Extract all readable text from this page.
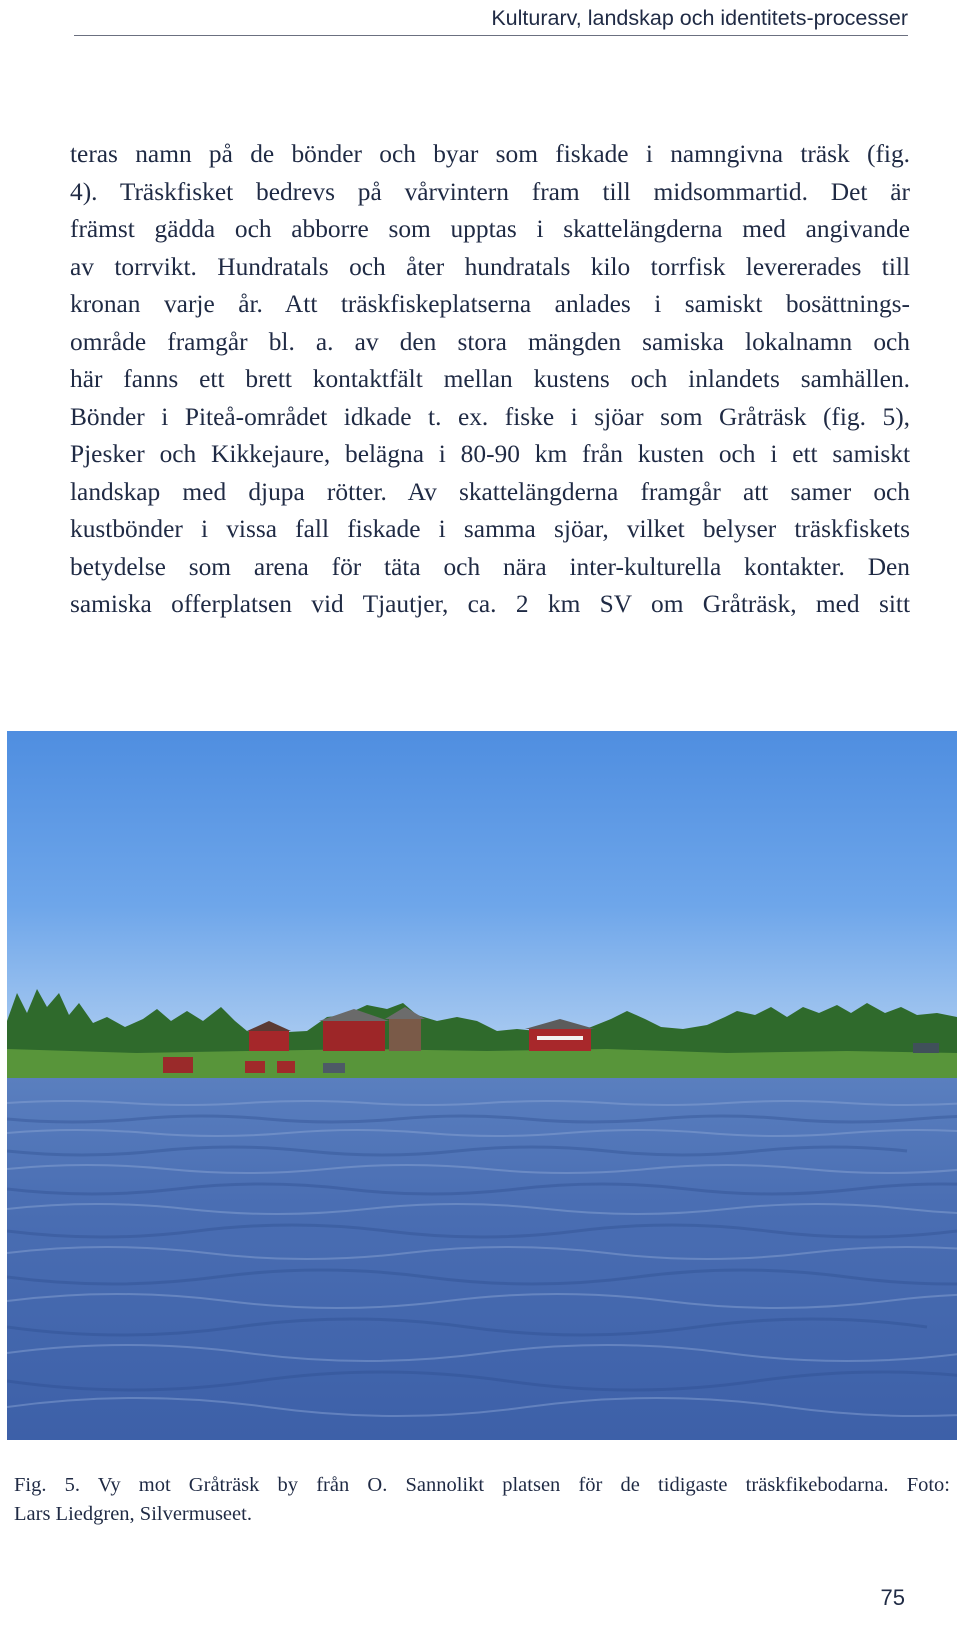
Kulturarv, landskap och identitets-processer
teras namn på de bönder och byar som fiskade i namngivna träsk (fig.
4). Träskfisket bedrevs på vårvintern fram till midsommartid. Det är
främst gädda och abborre som upptas i skattelängderna med angivande
av torrvikt. Hundratals och åter hundratals kilo torrfisk levererades till
kronan varje år. Att träskfiskeplatserna anlades i samiskt bosättnings-
område framgår bl. a. av den stora mängden samiska lokalnamn och
här fanns ett brett kontaktfält mellan kustens och inlandets samhällen.
Bönder i Piteå-området idkade t. ex. fiske i sjöar som Gråträsk (fig. 5),
Pjesker och Kikkejaure, belägna i 80-90 km från kusten och i ett samiskt
landskap med djupa rötter. Av skattelängderna framgår att samer och
kustbönder i vissa fall fiskade i samma sjöar, vilket belyser träskfiskets
betydelse som arena för täta och nära inter-kulturella kontakter. Den
samiska offerplatsen vid Tjautjer, ca. 2 km SV om Gråträsk, med sitt
Fig. 5. Vy mot Gråträsk by från O. Sannolikt platsen för de tidigaste träskfikebodarna. Foto:
Lars Liedgren, Silvermuseet.
75
